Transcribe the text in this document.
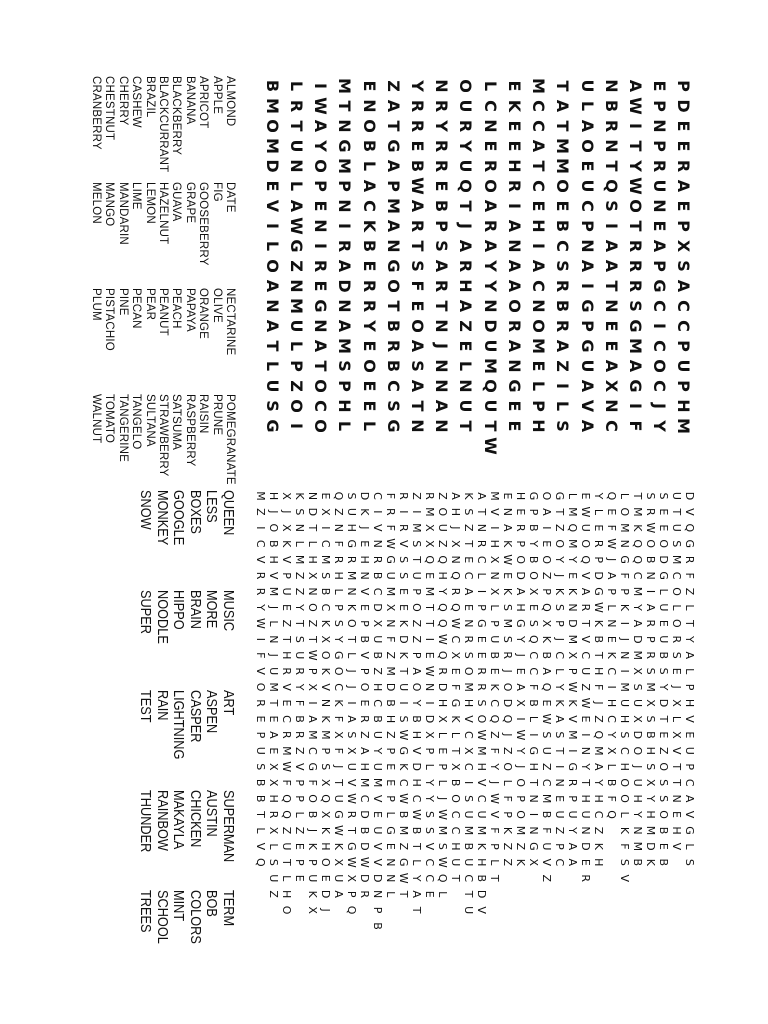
P
D
E
E
R
A
E
P
X
S
A
C
C
P
U
P
H
M
E
P
N
P
R
U
N
E
A
P
G
C
I
C
O
C
J
Y
A
W
I
T
Y
W
O
T
R
R
R
S
G
M
A
G
I
F
N
B
R
N
T
Q
S
I
A
A
T
N
E
E
A
X
N
C
U
L
A
O
E
U
C
P
N
A
I
G
P
G
U
A
V
A
T
A
T
M
M
O
E
B
C
S
R
B
R
A
Z
I
L
S
M
C
C
A
T
C
E
H
I
A
C
N
O
M
E
L
P
H
E
K
E
E
H
R
I
A
N
A
A
O
R
A
N
G
E
E
L
C
N
E
R
O
A
R
A
Y
Y
N
D
U
M
Q
U
T
W
O
U
R
Y
U
Q
T
J
A
R
H
A
Z
E
L
N
U
T
N
R
Y
R
R
E
B
P
S
A
R
T
N
J
N
N
A
N
Y
R
R
E
B
W
A
R
T
S
F
E
O
A
S
A
T
N
Z
A
T
G
A
P
M
A
N
G
O
T
B
R
B
C
S
G
E
N
O
B
L
A
C
K
B
E
R
R
Y
E
O
E
E
L
M
T
N
G
M
P
N
I
R
A
D
N
A
M
S
P
H
L
I
W
A
Y
O
P
E
N
I
R
E
G
N
A
T
O
C
O
L
R
T
U
N
L
A
W
G
Z
N
M
U
L
P
Z
O
I
B
M
O
M
D
E
V
I
L
O
A
N
A
T
L
U
S
G
ALMOND
APPLE
APRICOT
BANANA
BLACKBERRY
BLACKCURRANT
BRAZIL
CASHEW
CHERRY
CHESTNUT
CRANBERRY
DATE
FIG
GOOSEBERRY
GRAPE
GUAVA
HAZELNUT
LEMON
LIME
MANDARIN
MANGO
MELON
NECTARINE
OLIVE
ORANGE
PAPAYA
PEACH
PEANUT
PEAR
PECAN
PINE
PISTACHIO
PLUM
POMEGRANATE
PRUNE
RAISIN
RASPBERRY
SATSUMA
STRAWBERRY
SULTANA
TANGELO
TANGERINE
TOMATO
WALNUT
D
V
Q
G
R
F
Z
L
T
Y
A
L
P
H
V
E
U
P
C
A
V
G
L
S
U
T
U
S
M
C
O
L
O
R
S
E
J
X
L
X
V
T
T
N
E
H
V
S
E
E
O
D
G
L
U
E
U
B
S
Y
D
T
E
Z
O
S
S
O
B
E
B
S
R
W
O
B
N
I
A
R
P
R
S
M
X
S
B
H
S
X
Y
H
M
D
K
T
M
K
Q
Q
C
M
Y
A
D
M
X
S
U
X
D
O
J
U
H
Y
N
M
B
L
O
M
N
G
F
P
K
I
J
N
I
M
U
H
S
C
H
O
O
L
K
F
S
V
Q
E
F
W
J
A
P
L
N
E
K
C
I
H
C
Y
X
L
B
F
Q
Y
L
E
R
P
D
G
W
K
B
T
H
F
J
Z
Q
M
A
Y
H
C
Z
K
H
E
W
U
O
Q
V
A
R
T
V
C
U
Z
W
E
I
N
Y
T
H
U
N
D
E
R
L
M
Q
M
Y
E
K
N
D
M
X
P
W
K
V
M
I
G
R
P
U
Y
A
A
G
T
Z
O
Y
J
K
S
P
J
C
L
Y
K
A
S
T
I
N
E
U
Z
P
C
O
A
I
E
O
Z
P
Q
X
K
B
A
Q
E
W
S
U
Z
C
M
B
F
U
V
Z
G
P
B
Y
B
O
X
E
S
Q
C
C
F
B
L
I
G
H
T
N
I
N
G
X
H
E
R
P
O
D
A
H
G
Y
J
E
A
X
I
W
Y
J
O
P
O
M
Z
K
E
N
A
K
W
E
K
S
M
S
R
J
O
D
Q
J
Z
O
L
F
P
K
Z
Z
M
V
I
H
X
N
X
L
P
U
B
E
K
C
Q
Z
F
Y
J
W
V
F
P
L
T
A
T
N
R
C
L
I
P
G
E
E
R
R
S
O
W
M
H
V
C
U
M
K
H
B
D
V
K
S
Z
T
E
C
A
E
N
R
S
O
M
H
V
C
X
C
I
S
U
M
B
U
C
T
U
A
H
J
X
N
Q
R
Q
W
C
X
E
F
G
K
L
T
X
B
O
C
C
H
U
T
Z
O
U
Z
Q
H
Y
Q
Q
W
Q
R
D
H
X
L
E
P
L
J
W
M
S
W
Q
L
R
M
X
X
Q
E
M
T
T
I
E
W
N
I
D
X
P
L
Y
Y
S
S
V
C
C
E
Z
I
M
S
T
U
P
O
Z
Z
P
A
O
Y
B
H
V
D
H
C
W
B
T
L
Y
A
T
R
I
R
V
S
S
E
E
K
D
K
T
U
I
S
W
G
K
C
W
B
M
Z
G
W
T
F
R
F
W
G
U
M
X
N
F
Z
M
D
B
H
Z
P
E
E
P
L
G
E
N
N
L
C
I
V
N
R
B
C
D
X
U
B
Z
H
C
B
U
Y
U
M
V
E
U
V
V
D
N
P
B
D
K
J
E
H
N
V
E
P
B
V
P
O
E
R
Z
A
H
M
C
D
B
D
W
D
R
S
U
H
G
R
M
N
K
O
T
L
J
J
I
A
S
X
U
V
W
R
T
G
W
X
P
Q
Q
Z
N
F
R
H
L
P
S
Y
G
O
C
K
F
X
F
J
T
U
G
W
K
X
U
A
E
X
I
C
M
S
B
C
K
X
O
K
V
N
K
M
P
S
X
Q
X
K
H
O
E
D
J
N
D
T
L
H
X
N
O
Z
T
W
P
X
I
A
M
C
G
F
O
B
J
K
P
U
K
X
K
S
N
L
M
Z
Z
Y
T
S
U
R
Y
F
B
R
Z
V
P
P
L
Z
E
P
E
X
J
X
K
V
P
U
E
Z
T
H
R
V
E
C
R
M
W
F
Q
Q
Z
U
T
L
H
O
H
J
O
B
H
V
M
J
L
N
J
U
M
T
E
A
E
X
X
H
R
X
L
S
U
Z
M
Z
I
C
V
R
R
Y
W
I
F
V
O
R
E
P
U
S
B
B
T
L
V
Q
QUEEN
LESS
BOXES
GOOGLE
MONKEY
SNOW
MUSIC
MORE
BRAIN
HIPPO
NOODLE
SUPER
ART
ASPEN
CASPER
LIGHTNING
RAIN
TEST
SUPERMAN
AUSTIN
CHICKEN
MAKAYLA
RAINBOW
THUNDER
TERM
BOB
COLORS
MINT
SCHOOL
TREES
